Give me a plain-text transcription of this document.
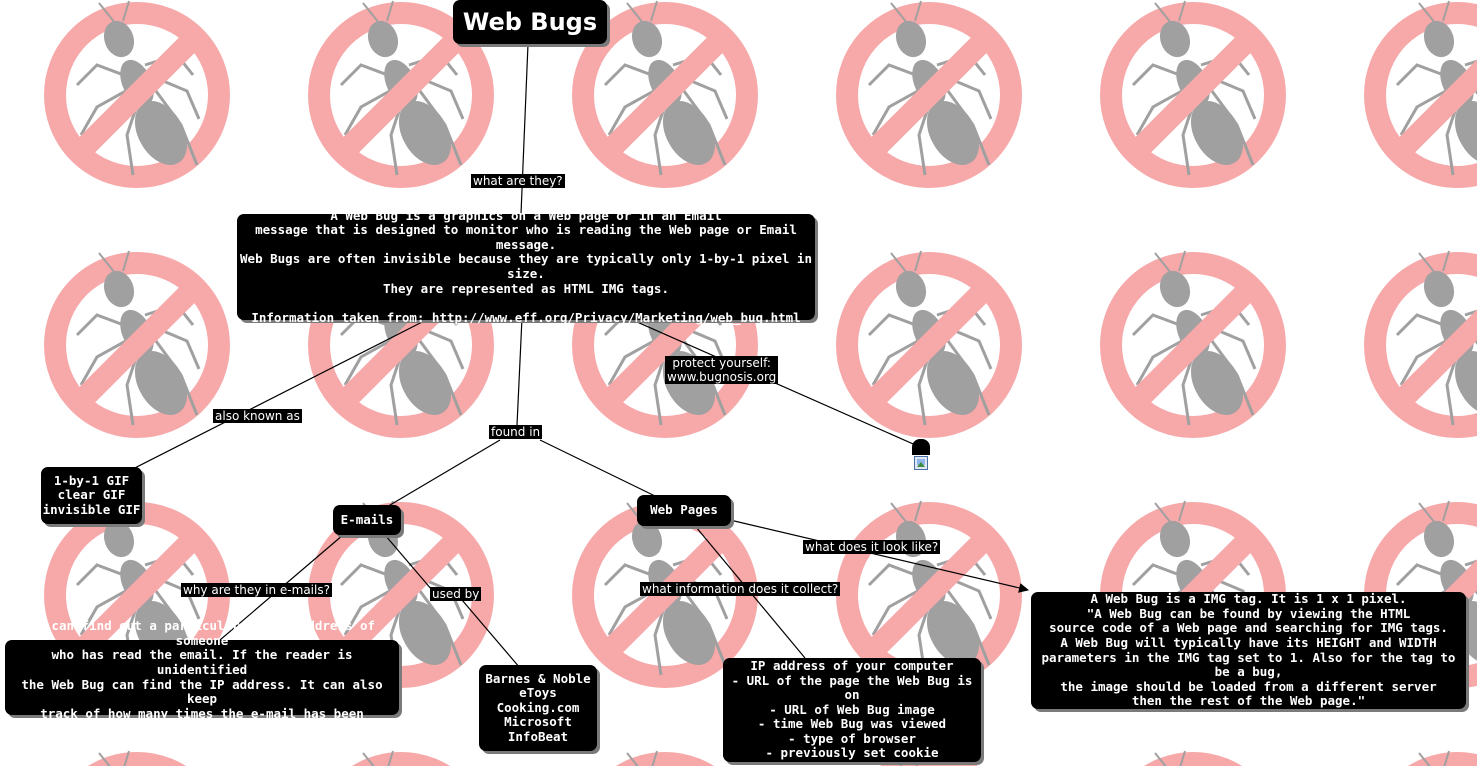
Web Bugs
what are they?
A Web Bug is a graphics on a Web page or in an Email
message that is designed to monitor who is reading the Web page or Email message.
Web Bugs are often invisible because they are typically only 1-by-1 pixel in size.
They are represented as HTML IMG tags.

Information taken from: http://www.eff.org/Privacy/Marketing/web_bug.html
also known as
found in
protect yourself:
www.bugnosis.org
1-by-1 GIF
clear GIF
invisible GIF
E-mails
Web Pages
why are they in e-mails?	used by	what information does it collect?
what does it look like?
It can find out a particular E-mail address of someone
who has read the email. If the reader is unidentified
the Web Bug can find the IP address. It can also keep
track of how many times the e-mail has been forwarded.
Barnes & Noble
eToys
Cooking.com
Microsoft
InfoBeat
IP address of your computer
- URL of the page the Web Bug is on
- URL of Web Bug image
- time Web Bug was viewed
- type of browser
- previously set cookie
A Web Bug is a IMG tag. It is 1 x 1 pixel.
"A Web Bug can be found by viewing the HTML
source code of a Web page and searching for IMG tags.
A Web Bug will typically have its HEIGHT and WIDTH
parameters in the IMG tag set to 1. Also for the tag to be a bug,
the image should be loaded from a different server
then the rest of the Web page."
